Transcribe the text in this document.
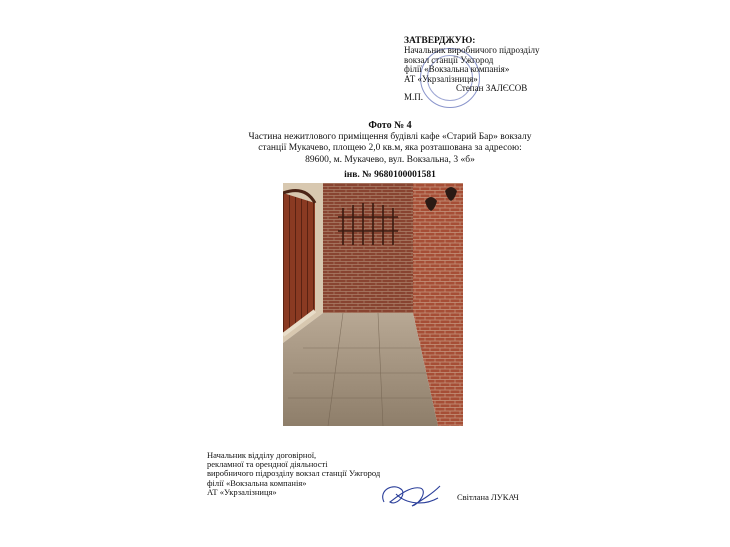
ЗАТВЕРДЖУЮ:
Начальник виробничого підрозділу
вокзал станції Ужгород
філії «Вокзальна компанія»
АТ «Укрзалізниця»

Степан ЗАЛЄСОВ
М.П.
Фото № 4
Частина нежитлового приміщення будівлі кафе «Старий Бар» вокзалу
станції Мукачево, площею 2,0 кв.м, яка розташована за адресою:
89600, м. Мукачево, вул. Вокзальна, 3 «б»
інв. № 9680100001581
Начальник відділу договірної,
рекламної та орендної діяльності
виробничого підрозділу вокзал станції Ужгород
філії «Вокзальна компанія»
АТ «Укрзалізниця»
Світлана ЛУКАЧ
